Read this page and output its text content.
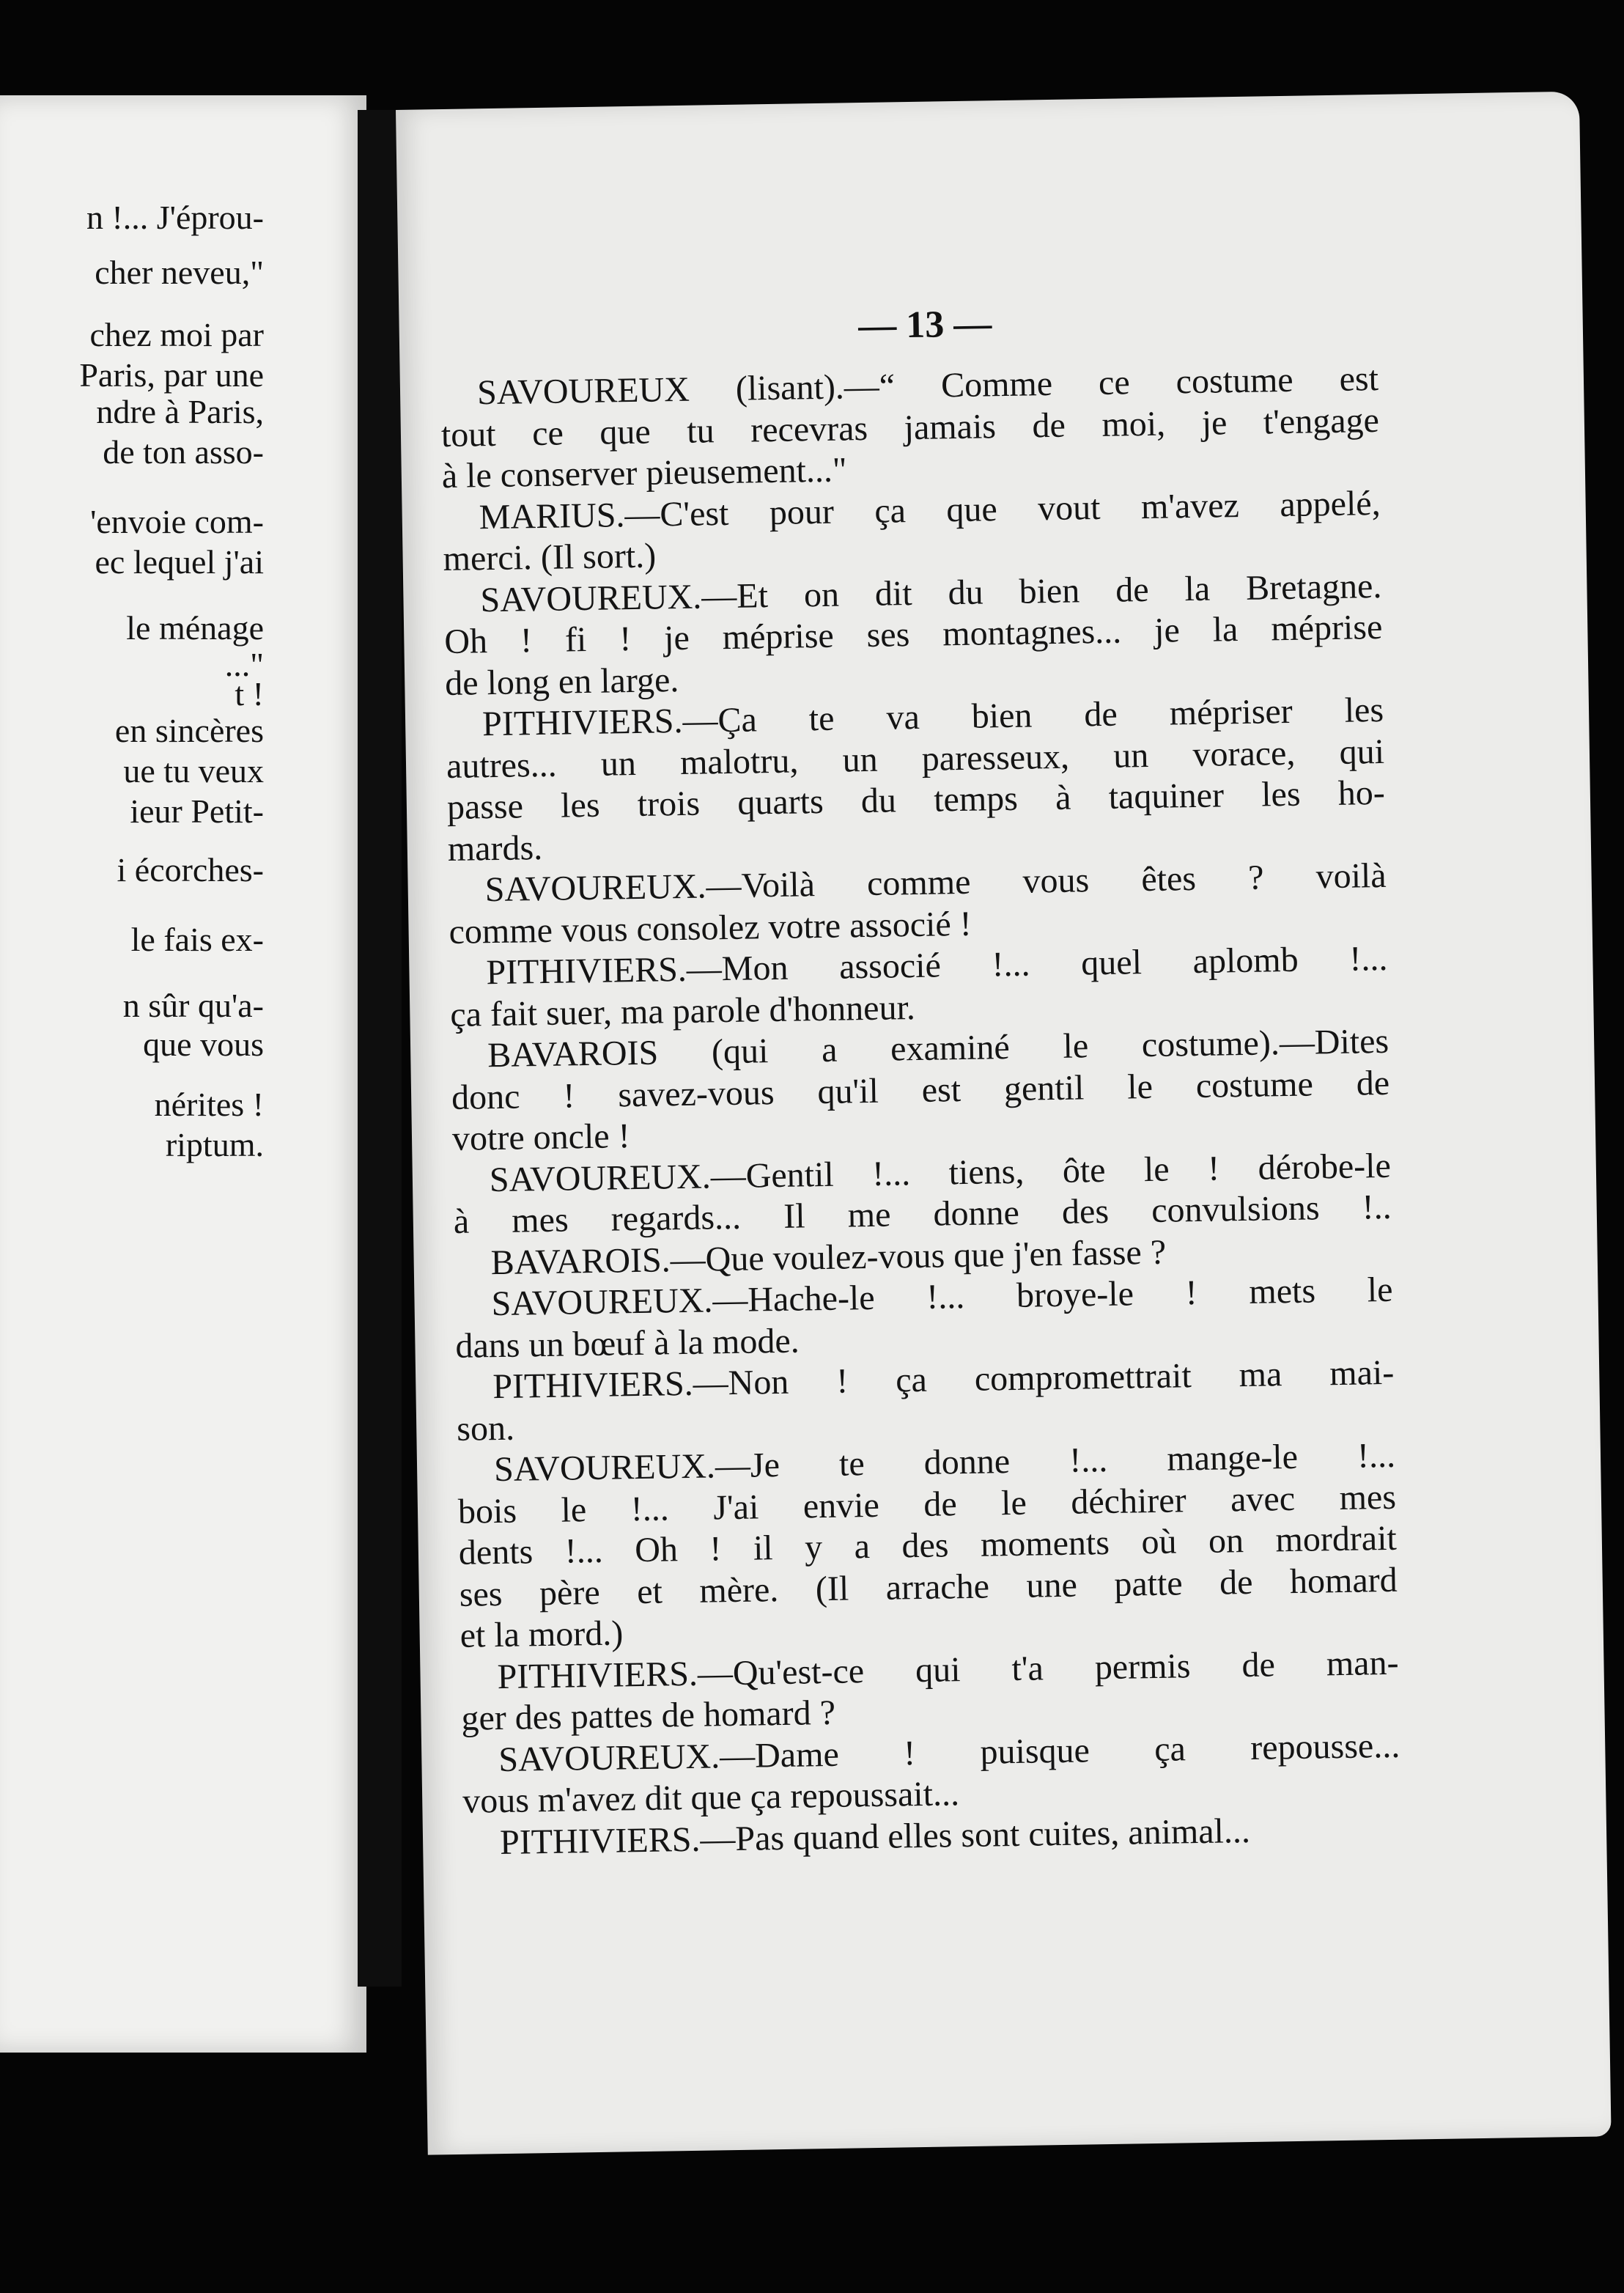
n !... J'éprou-
cher neveu,"
chez moi par
Paris, par une
ndre à Paris,
de ton asso-
'envoie com-
ec lequel j'ai
le ménage
..."
t !
en sincères
ue tu veux
ieur Petit-
i écorches-
le fais ex-
n sûr qu'a-
que vous
nérites !
riptum.
— 13 —
SAVOUREUX (lisant).—“ Comme ce costume est
tout ce que tu recevras jamais de moi, je t'engage
à le conserver pieusement..."
MARIUS.—C'est pour ça que vout m'avez appelé,
merci. (Il sort.)
SAVOUREUX.—Et on dit du bien de la Bretagne.
Oh ! fi ! je méprise ses montagnes... je la méprise
de long en large.
PITHIVIERS.—Ça te va bien de mépriser les
autres... un malotru, un paresseux, un vorace, qui
passe les trois quarts du temps à taquiner les ho-
mards.
SAVOUREUX.—Voilà comme vous êtes ? voilà
comme vous consolez votre associé !
PITHIVIERS.—Mon associé !... quel aplomb !...
ça fait suer, ma parole d'honneur.
BAVAROIS (qui a examiné le costume).—Dites
donc ! savez-vous qu'il est gentil le costume de
votre oncle !
SAVOUREUX.—Gentil !... tiens, ôte le ! dérobe-le
à mes regards... Il me donne des convulsions !..
BAVAROIS.—Que voulez-vous que j'en fasse ?
SAVOUREUX.—Hache-le !... broye-le ! mets le
dans un bœuf à la mode.
PITHIVIERS.—Non ! ça compromettrait ma mai-
son.
SAVOUREUX.—Je te donne !... mange-le !...
bois le !... J'ai envie de le déchirer avec mes
dents !... Oh ! il y a des moments où on mordrait
ses père et mère. (Il arrache une patte de homard
et la mord.)
PITHIVIERS.—Qu'est-ce qui t'a permis de man-
ger des pattes de homard ?
SAVOUREUX.—Dame ! puisque ça repousse...
vous m'avez dit que ça repoussait...
PITHIVIERS.—Pas quand elles sont cuites, animal...
